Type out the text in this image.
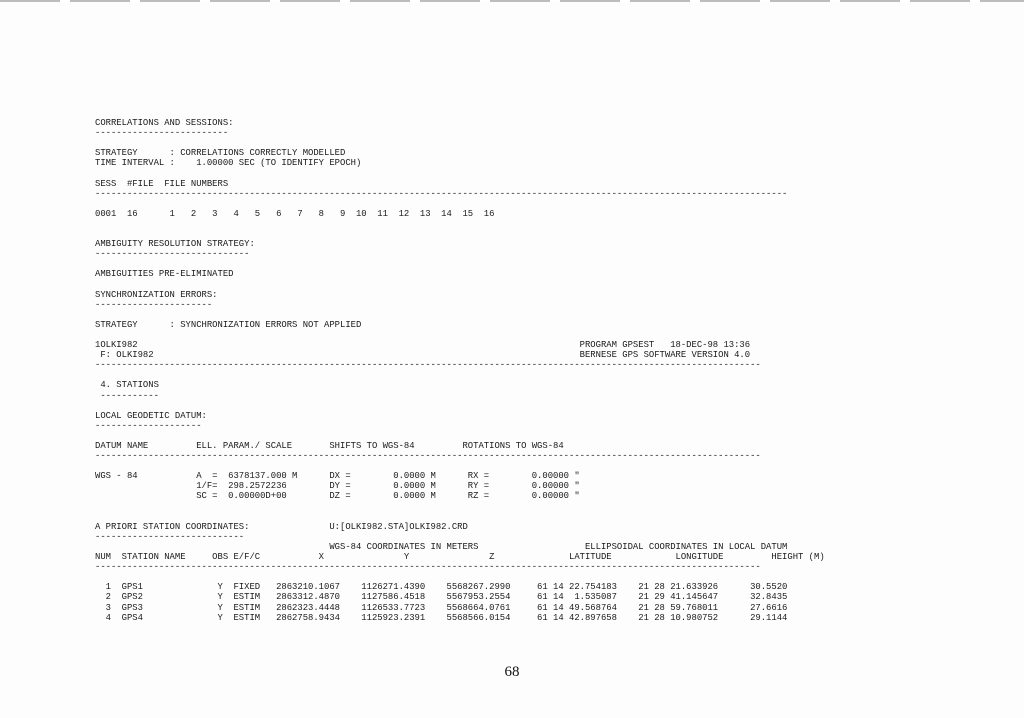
CORRELATIONS AND SESSIONS:
-------------------------

STRATEGY      : CORRELATIONS CORRECTLY MODELLED
TIME INTERVAL :    1.00000 SEC (TO IDENTIFY EPOCH)

SESS  #FILE  FILE NUMBERS
----------------------------------------------------------------------------------------------------------------------------------

0001  16      1   2   3   4   5   6   7   8   9  10  11  12  13  14  15  16

AMBIGUITY RESOLUTION STRATEGY:
-----------------------------

AMBIGUITIES PRE-ELIMINATED

SYNCHRONIZATION ERRORS:
----------------------

STRATEGY      : SYNCHRONIZATION ERRORS NOT APPLIED

1OLKI982                                                                                   PROGRAM GPSEST   18-DEC-98 13:36
F: OLKI982                                                                                BERNESE GPS SOFTWARE VERSION 4.0
-----------------------------------------------------------------------------------------------------------------------------

4. STATIONS
-----------

LOCAL GEODETIC DATUM:
--------------------

DATUM NAME         ELL. PARAM./ SCALE       SHIFTS TO WGS-84         ROTATIONS TO WGS-84
-----------------------------------------------------------------------------------------------------------------------------

WGS - 84           A  =  6378137.000 M      DX =        0.0000 M      RX =        0.00000 "
1/F=  298.2572236        DY =        0.0000 M      RY =        0.00000 "
SC =  0.00000D+00        DZ =        0.0000 M      RZ =        0.00000 "

A PRIORI STATION COORDINATES:               U:[OLKI982.STA]OLKI982.CRD
----------------------------
WGS-84 COORDINATES IN METERS                    ELLIPSOIDAL COORDINATES IN LOCAL DATUM
NUM  STATION NAME     OBS E/F/C           X               Y               Z              LATITUDE            LONGITUDE         HEIGHT (M)
-----------------------------------------------------------------------------------------------------------------------------

1  GPS1              Y  FIXED   2863210.1067    1126271.4390    5568267.2990     61 14 22.754183    21 28 21.633926      30.5520
2  GPS2              Y  ESTIM   2863312.4870    1127586.4518    5567953.2554     61 14  1.535087    21 29 41.145647      32.8435
3  GPS3              Y  ESTIM   2862323.4448    1126533.7723    5568664.0761     61 14 49.568764    21 28 59.768011      27.6616
4  GPS4              Y  ESTIM   2862758.9434    1125923.2391    5568566.0154     61 14 42.897658    21 28 10.980752      29.1144

68
